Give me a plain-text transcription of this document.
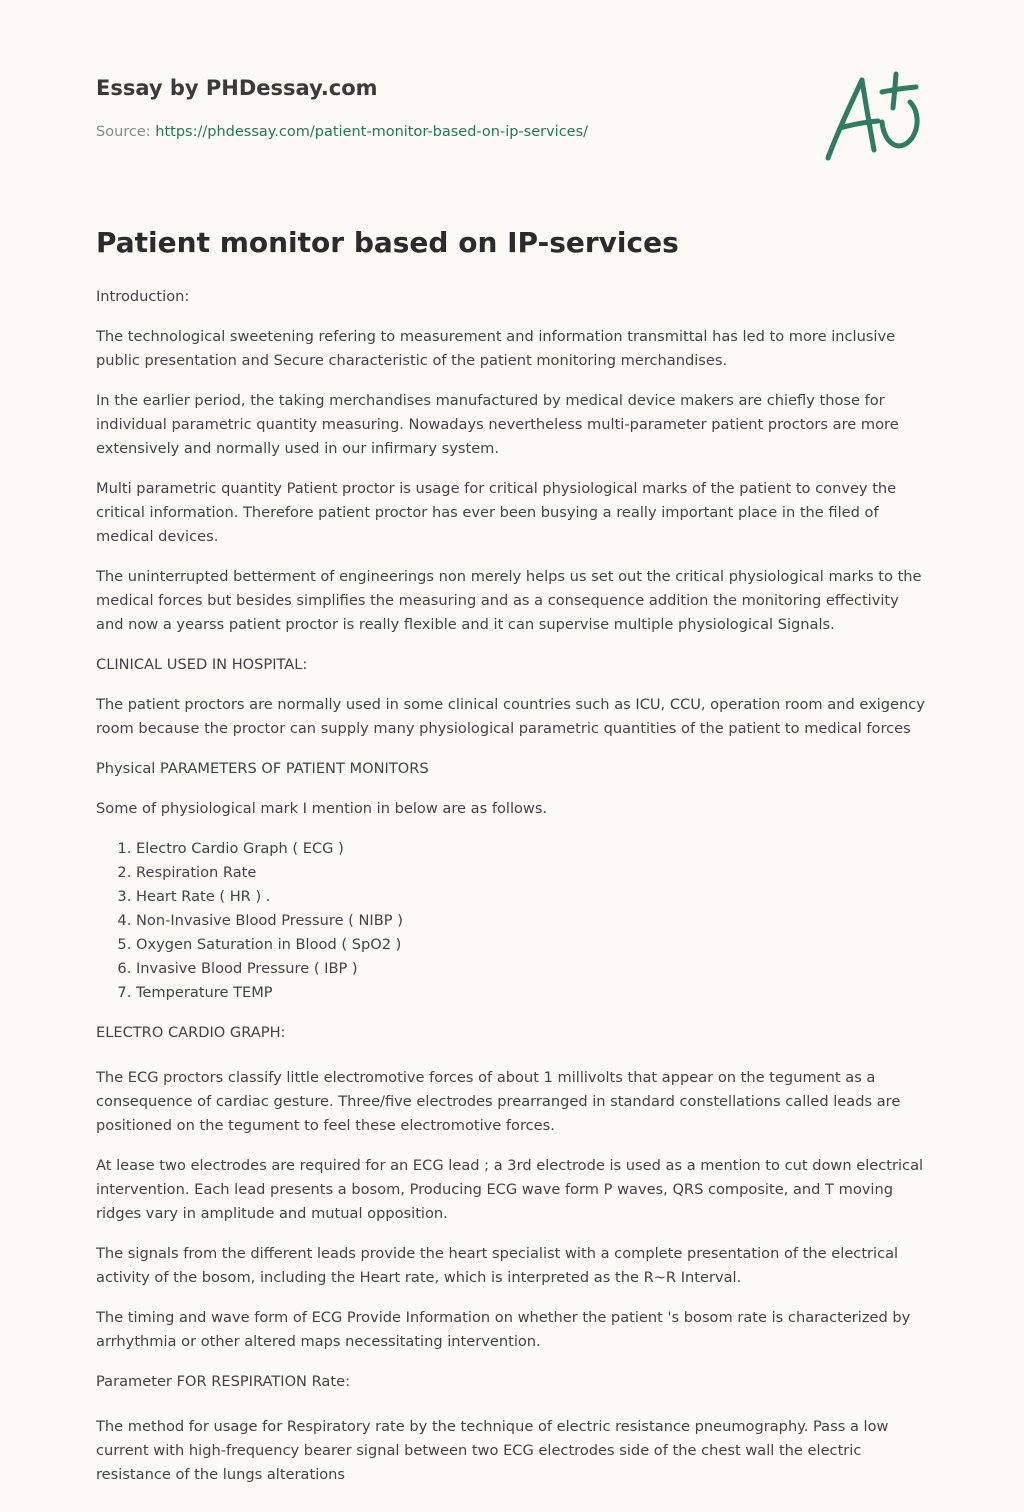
Essay by PHDessay.com
Source: https://phdessay.com/patient-monitor-based-on-ip-services/
Patient monitor based on IP-services

Introduction:

The technological sweetening refering to measurement and information transmittal has led to more inclusive public presentation and Secure characteristic of the patient monitoring merchandises.

In the earlier period, the taking merchandises manufactured by medical device makers are chiefly those for individual parametric quantity measuring. Nowadays nevertheless multi-parameter patient proctors are more extensively and normally used in our infirmary system.

Multi parametric quantity Patient proctor is usage for critical physiological marks of the patient to convey the critical information. Therefore patient proctor has ever been busying a really important place in the filed of medical devices.

The uninterrupted betterment of engineerings non merely helps us set out the critical physiological marks to the medical forces but besides simplifies the measuring and as a consequence addition the monitoring effectivity and now a yearss patient proctor is really flexible and it can supervise multiple physiological Signals.

CLINICAL USED IN HOSPITAL:

The patient proctors are normally used in some clinical countries such as ICU, CCU, operation room and exigency room because the proctor can supply many physiological parametric quantities of the patient to medical forces

Physical PARAMETERS OF PATIENT MONITORS

Some of physiological mark I mention in below are as follows.

1. Electro Cardio Graph ( ECG )
2. Respiration Rate
3. Heart Rate ( HR ) .
4. Non-Invasive Blood Pressure ( NIBP )
5. Oxygen Saturation in Blood ( SpO2 )
6. Invasive Blood Pressure ( IBP )
7. Temperature TEMP

ELECTRO CARDIO GRAPH:

The ECG proctors classify little electromotive forces of about 1 millivolts that appear on the tegument as a consequence of cardiac gesture. Three/five electrodes prearranged in standard constellations called leads are positioned on the tegument to feel these electromotive forces.

At lease two electrodes are required for an ECG lead ; a 3rd electrode is used as a mention to cut down electrical intervention. Each lead presents a bosom, Producing ECG wave form P waves, QRS composite, and T moving ridges vary in amplitude and mutual opposition.

The signals from the different leads provide the heart specialist with a complete presentation of the electrical activity of the bosom, including the Heart rate, which is interpreted as the R~R Interval.

The timing and wave form of ECG Provide Information on whether the patient 's bosom rate is characterized by arrhythmia or other altered maps necessitating intervention.

Parameter FOR RESPIRATION Rate:

The method for usage for Respiratory rate by the technique of electric resistance pneumography. Pass a low current with high-frequency bearer signal between two ECG electrodes side of the chest wall the electric resistance of the lungs alterations
